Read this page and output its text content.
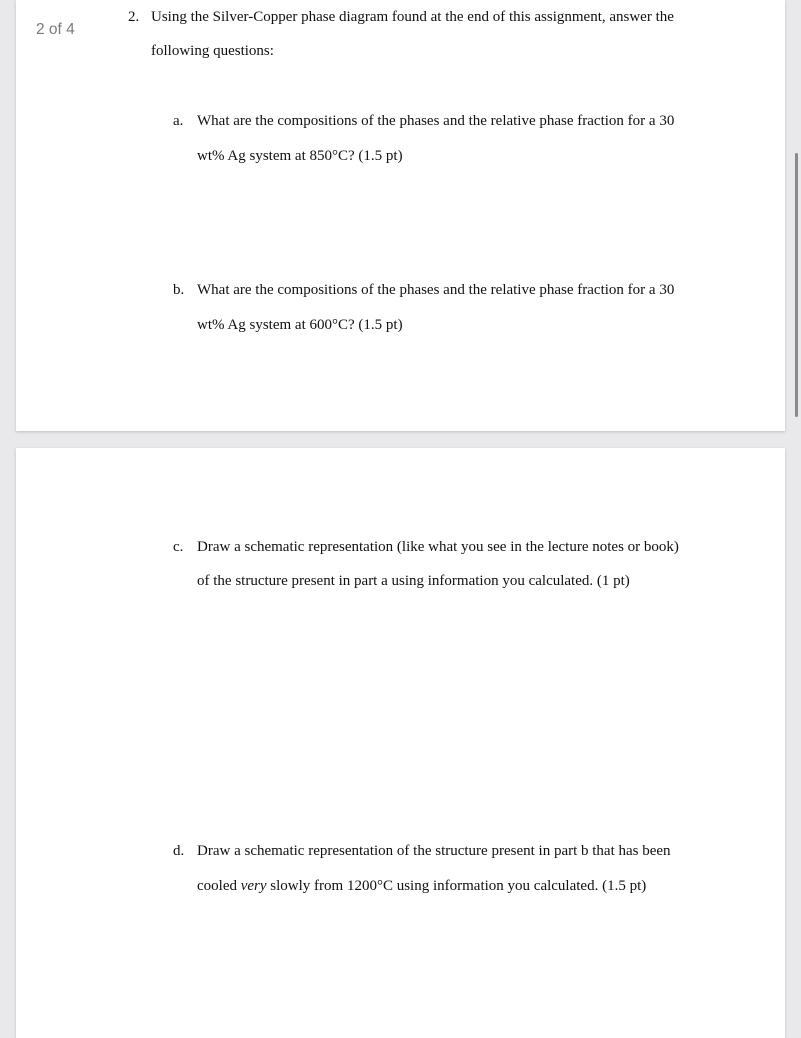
2. Using the Silver-Copper phase diagram found at the end of this assignment, answer the
following questions:
a. What are the compositions of the phases and the relative phase fraction for a 30
wt% Ag system at 850°C? (1.5 pt)
b. What are the compositions of the phases and the relative phase fraction for a 30
wt% Ag system at 600°C? (1.5 pt)
c. Draw a schematic representation (like what you see in the lecture notes or book)
of the structure present in part a using information you calculated. (1 pt)
d. Draw a schematic representation of the structure present in part b that has been
cooled very slowly from 1200°C using information you calculated. (1.5 pt)
2 of 4
